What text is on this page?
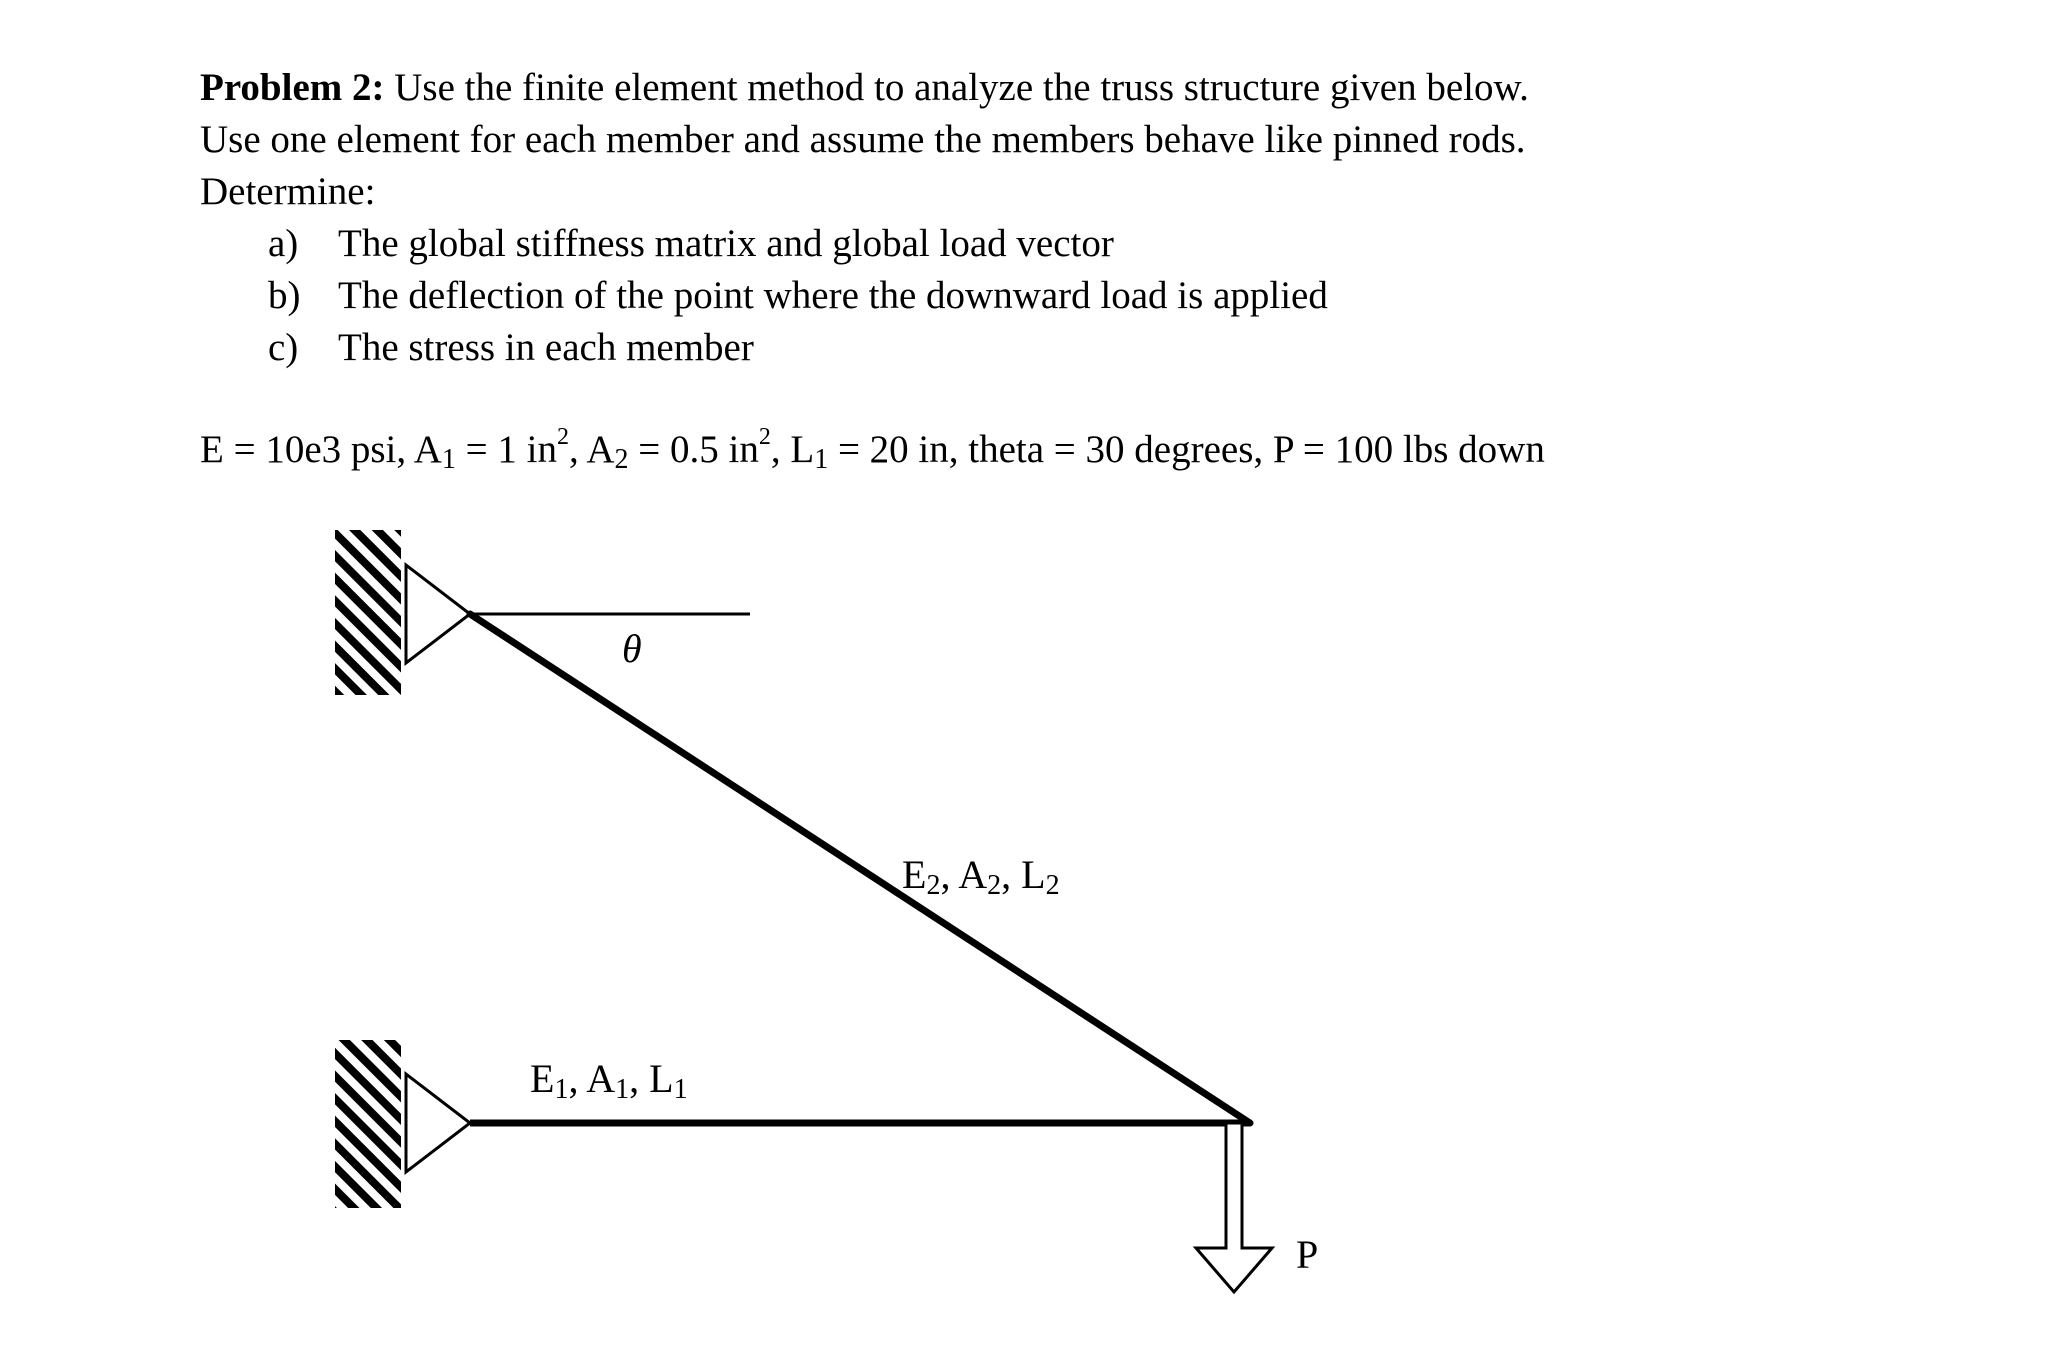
Problem 2: Use the finite element method to analyze the truss structure given below.
Use one element for each member and assume the members behave like pinned rods.
Determine:
a) The global stiffness matrix and global load vector
b) The deflection of the point where the downward load is applied
c) The stress in each member
E = 10e3 psi, $A_1 = 1$ $in^2$, $A_2 = 0.5$ $in^2$, $L_1 = 20$ in, theta = 30 degrees, P = 100 lbs down
θ
E2, A2, L2
E1, A1, L1
P
